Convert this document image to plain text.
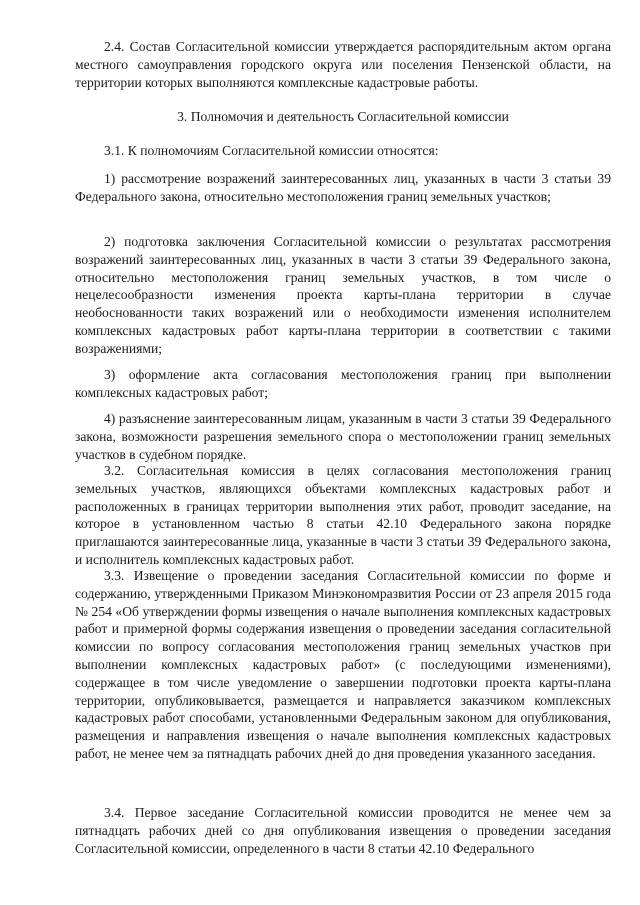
2.4. Состав Согласительной комиссии утверждается распорядительным актом органа местного самоуправления городского округа или поселения Пензенской области, на территории которых выполняются комплексные кадастровые работы.

3. Полномочия и деятельность Согласительной комиссии

3.1. К полномочиям Согласительной комиссии относятся:

1) рассмотрение возражений заинтересованных лиц, указанных в части 3 статьи 39 Федерального закона, относительно местоположения границ земельных участков;

2) подготовка заключения Согласительной комиссии о результатах рассмотрения возражений заинтересованных лиц, указанных в части 3 статьи 39 Федерального закона, относительно местоположения границ земельных участков, в том числе о нецелесообразности изменения проекта карты-плана территории в случае необоснованности таких возражений или о необходимости изменения исполнителем комплексных кадастровых работ карты-плана территории в соответствии с такими возражениями;

3) оформление акта согласования местоположения границ при выполнении комплексных кадастровых работ;

4) разъяснение заинтересованным лицам, указанным в части 3 статьи 39 Федерального закона, возможности разрешения земельного спора о местоположении границ земельных участков в судебном порядке.

3.2. Согласительная комиссия в целях согласования местоположения границ земельных участков, являющихся объектами комплексных кадастровых работ и расположенных в границах территории выполнения этих работ, проводит заседание, на которое в установленном частью 8 статьи 42.10 Федерального закона порядке приглашаются заинтересованные лица, указанные в части 3 статьи 39 Федерального закона, и исполнитель комплексных кадастровых работ.

3.3. Извещение о проведении заседания Согласительной комиссии по форме и содержанию, утвержденными Приказом Минэкономразвития России от 23 апреля 2015 года № 254 «Об утверждении формы извещения о начале выполнения комплексных кадастровых работ и примерной формы содержания извещения о проведении заседания согласительной комиссии по вопросу согласования местоположения границ земельных участков при выполнении комплексных кадастровых работ» (с последующими изменениями), содержащее в том числе уведомление о завершении подготовки проекта карты-плана территории, опубликовывается, размещается и направляется заказчиком комплексных кадастровых работ способами, установленными Федеральным законом для опубликования, размещения и направления извещения о начале выполнения комплексных кадастровых работ, не менее чем за пятнадцать рабочих дней до дня проведения указанного заседания.

3.4. Первое заседание Согласительной комиссии проводится не менее чем за пятнадцать рабочих дней со дня опубликования извещения о проведении заседания Согласительной комиссии, определенного в части 8 статьи 42.10 Федерального
